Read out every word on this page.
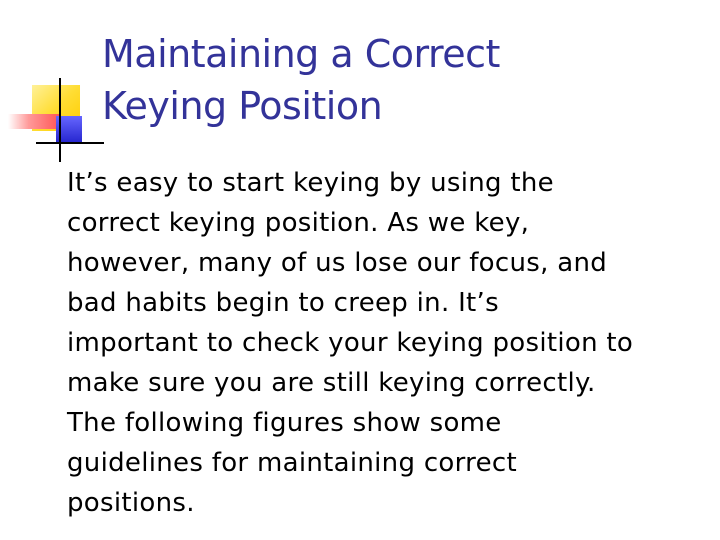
Maintaining a Correct
Keying Position

It’s easy to start keying by using the
correct keying position. As we key,
however, many of us lose our focus, and
bad habits begin to creep in. It’s
important to check your keying position to
make sure you are still keying correctly.
The following figures show some
guidelines for maintaining correct
positions.
